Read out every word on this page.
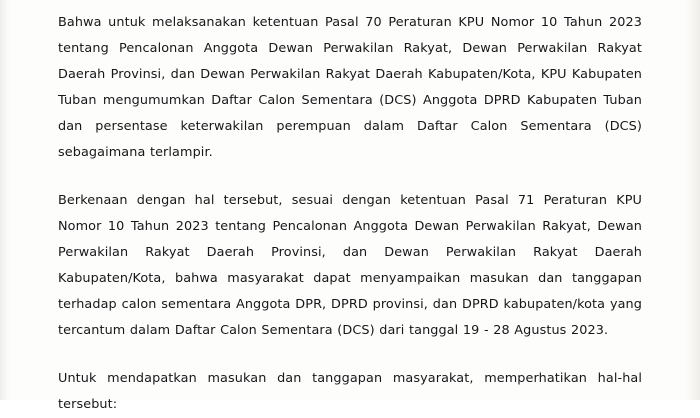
Bahwa untuk melaksanakan ketentuan Pasal 70 Peraturan KPU Nomor 10 Tahun 2023 tentang Pencalonan Anggota Dewan Perwakilan Rakyat, Dewan Perwakilan Rakyat Daerah Provinsi, dan Dewan Perwakilan Rakyat Daerah Kabupaten/Kota, KPU Kabupaten Tuban mengumumkan Daftar Calon Sementara (DCS) Anggota DPRD Kabupaten Tuban dan persentase keterwakilan perempuan dalam Daftar Calon Sementara (DCS) sebagaimana terlampir.

Berkenaan dengan hal tersebut, sesuai dengan ketentuan Pasal 71 Peraturan KPU Nomor 10 Tahun 2023 tentang Pencalonan Anggota Dewan Perwakilan Rakyat, Dewan Perwakilan Rakyat Daerah Provinsi, dan Dewan Perwakilan Rakyat Daerah Kabupaten/Kota, bahwa masyarakat dapat menyampaikan masukan dan tanggapan terhadap calon sementara Anggota DPR, DPRD provinsi, dan DPRD kabupaten/kota yang tercantum dalam Daftar Calon Sementara (DCS) dari tanggal 19 - 28 Agustus 2023.

Untuk mendapatkan masukan dan tanggapan masyarakat, memperhatikan hal-hal tersebut:
